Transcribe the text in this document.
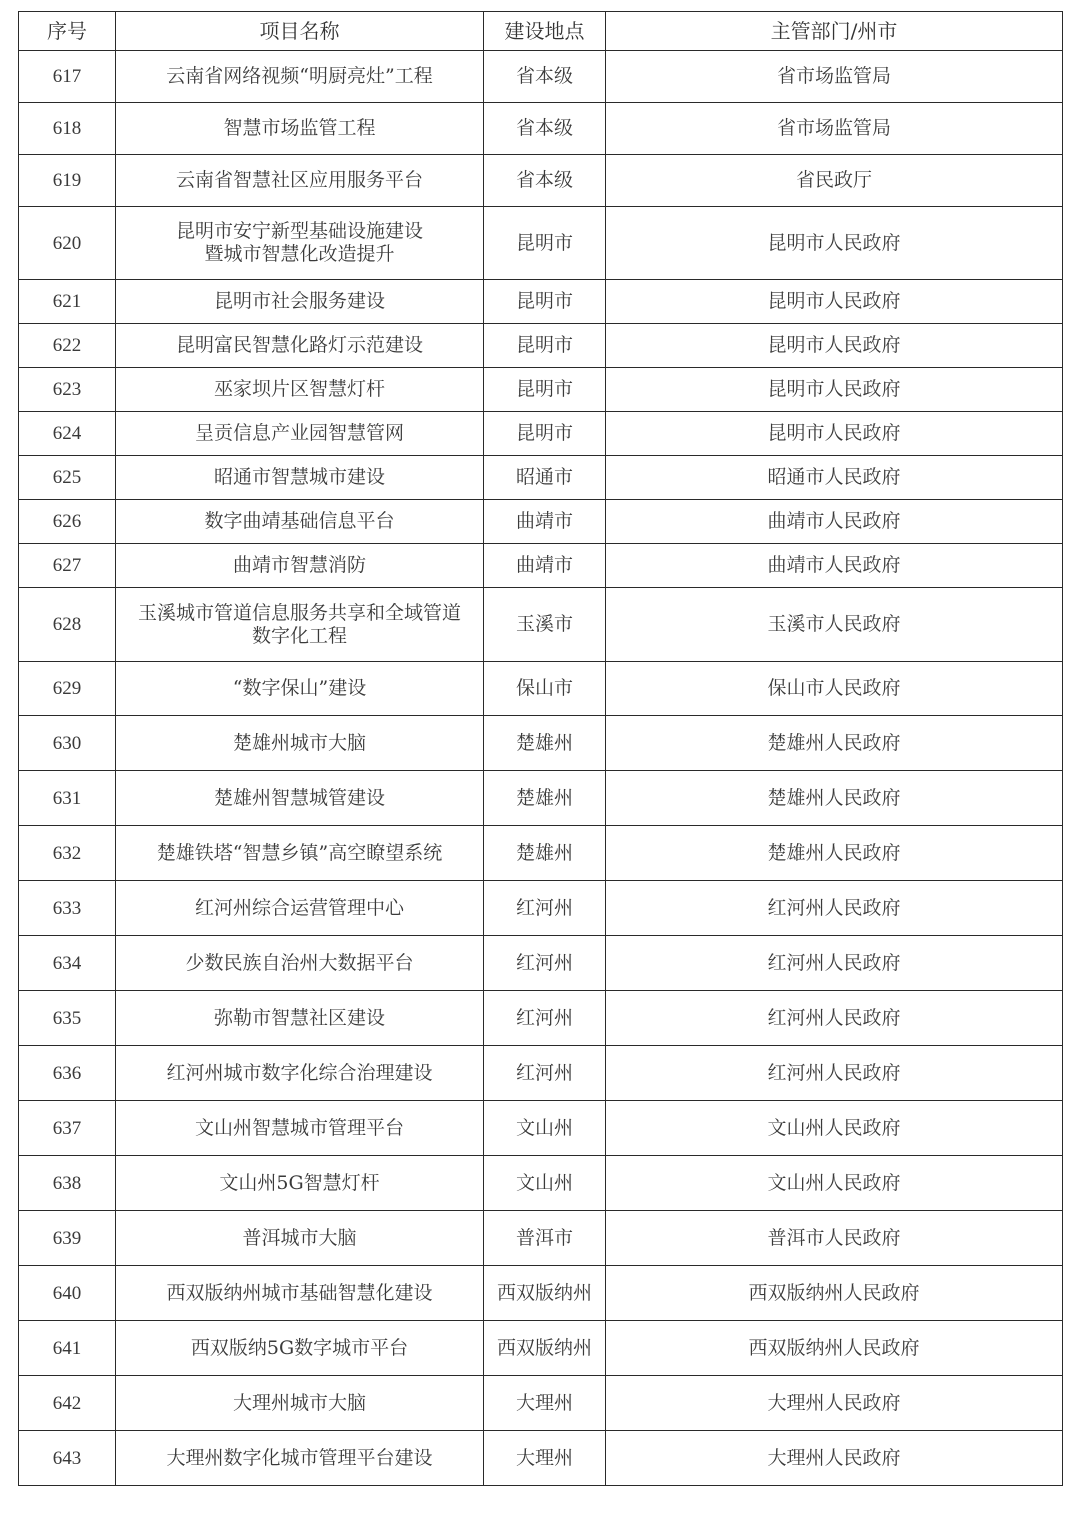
序号	项目名称	建设地点	主管部门/州市
617	云南省网络视频“明厨亮灶”工程	省本级	省市场监管局
618	智慧市场监管工程	省本级	省市场监管局
619	云南省智慧社区应用服务平台	省本级	省民政厅
620	昆明市安宁新型基础设施建设
暨城市智慧化改造提升	昆明市	昆明市人民政府
621	昆明市社会服务建设	昆明市	昆明市人民政府
622	昆明富民智慧化路灯示范建设	昆明市	昆明市人民政府
623	巫家坝片区智慧灯杆	昆明市	昆明市人民政府
624	呈贡信息产业园智慧管网	昆明市	昆明市人民政府
625	昭通市智慧城市建设	昭通市	昭通市人民政府
626	数字曲靖基础信息平台	曲靖市	曲靖市人民政府
627	曲靖市智慧消防	曲靖市	曲靖市人民政府
628	玉溪城市管道信息服务共享和全域管道
数字化工程	玉溪市	玉溪市人民政府
629	“数字保山”建设	保山市	保山市人民政府
630	楚雄州城市大脑	楚雄州	楚雄州人民政府
631	楚雄州智慧城管建设	楚雄州	楚雄州人民政府
632	楚雄铁塔“智慧乡镇”高空瞭望系统	楚雄州	楚雄州人民政府
633	红河州综合运营管理中心	红河州	红河州人民政府
634	少数民族自治州大数据平台	红河州	红河州人民政府
635	弥勒市智慧社区建设	红河州	红河州人民政府
636	红河州城市数字化综合治理建设	红河州	红河州人民政府
637	文山州智慧城市管理平台	文山州	文山州人民政府
638	文山州5G智慧灯杆	文山州	文山州人民政府
639	普洱城市大脑	普洱市	普洱市人民政府
640	西双版纳州城市基础智慧化建设	西双版纳州	西双版纳州人民政府
641	西双版纳5G数字城市平台	西双版纳州	西双版纳州人民政府
642	大理州城市大脑	大理州	大理州人民政府
643	大理州数字化城市管理平台建设	大理州	大理州人民政府
